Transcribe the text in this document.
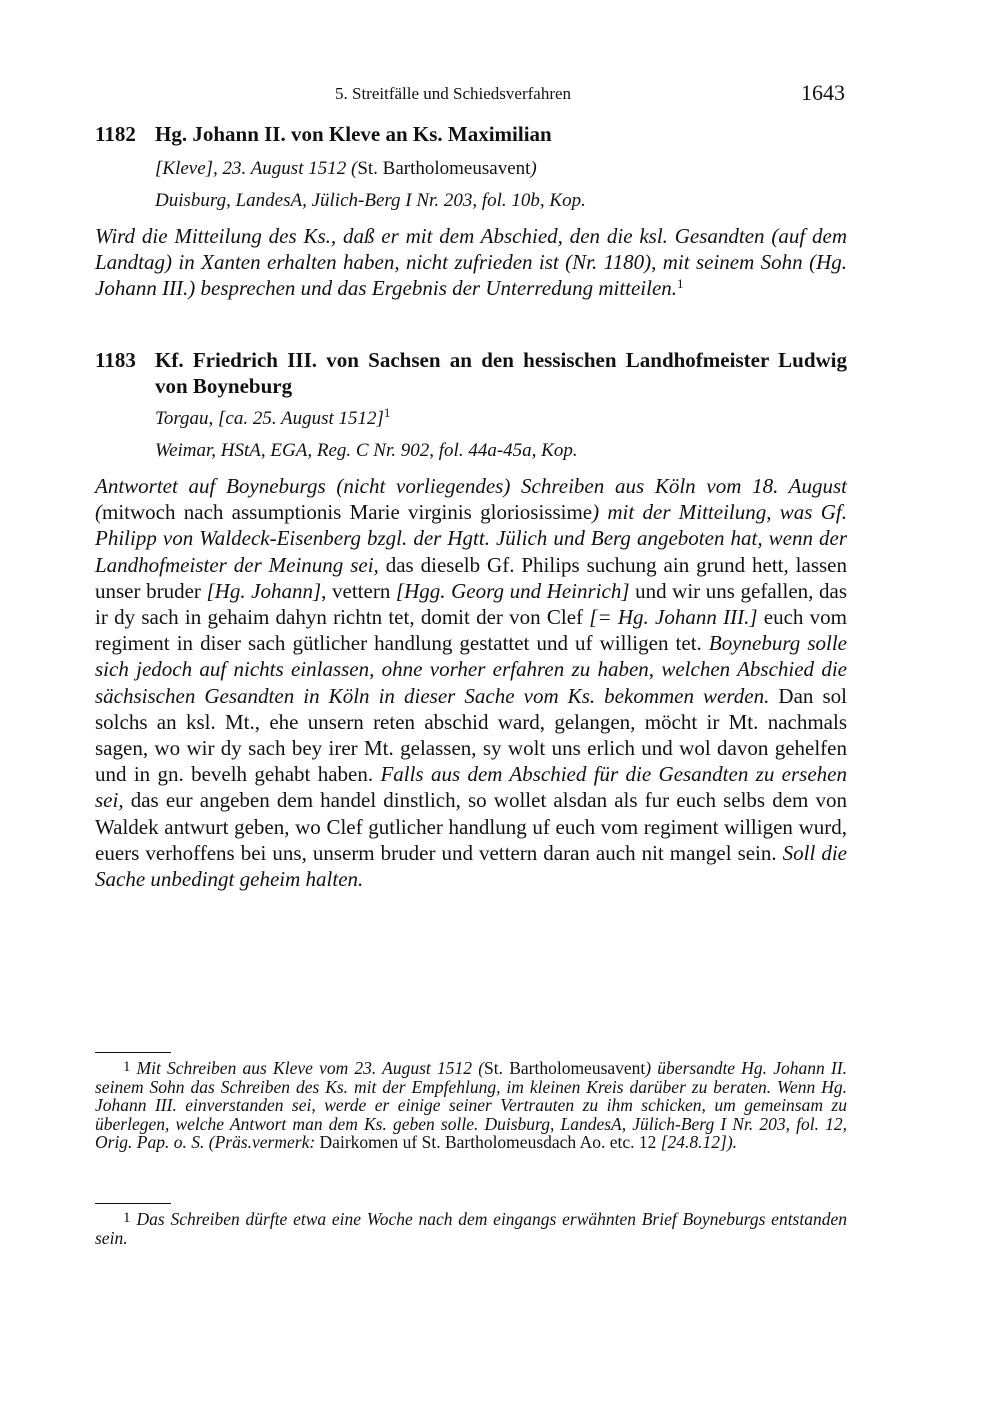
5. Streitfälle und Schiedsverfahren	1643
1182 Hg. Johann II. von Kleve an Ks. Maximilian
[Kleve], 23. August 1512 (St. Bartholomeusavent)
Duisburg, LandesA, Jülich-Berg I Nr. 203, fol. 10b, Kop.

Wird die Mitteilung des Ks., daß er mit dem Abschied, den die ksl. Gesandten (auf dem Landtag) in Xanten erhalten haben, nicht zufrieden ist (Nr. 1180), mit seinem Sohn (Hg. Johann III.) besprechen und das Ergebnis der Unterredung mitteilen.$^1$

1183 Kf. Friedrich III. von Sachsen an den hessischen Landhofmeister Ludwig von Boyneburg
Torgau, [ca. 25. August 1512]$^1$
Weimar, HStA, EGA, Reg. C Nr. 902, fol. 44a-45a, Kop.

Antwortet auf Boyneburgs (nicht vorliegendes) Schreiben aus Köln vom 18. August (mitwoch nach assumptionis Marie virginis gloriosissime) mit der Mitteilung, was Gf. Philipp von Waldeck-Eisenberg bzgl. der Hgtt. Jülich und Berg angeboten hat, wenn der Landhofmeister der Meinung sei, das dieselb Gf. Philips suchung ain grund hett, lassen unser bruder [Hg. Johann], vettern [Hgg. Georg und Heinrich] und wir uns gefallen, das ir dy sach in gehaim dahyn richtn tet, domit der von Clef [= Hg. Johann III.] euch vom regiment in diser sach gütlicher handlung gestattet und uf willigen tet. Boyneburg solle sich jedoch auf nichts einlassen, ohne vorher erfahren zu haben, welchen Abschied die sächsischen Gesandten in Köln in dieser Sache vom Ks. bekommen werden. Dan sol solchs an ksl. Mt., ehe unsern reten abschid ward, gelangen, möcht ir Mt. nachmals sagen, wo wir dy sach bey irer Mt. gelassen, sy wolt uns erlich und wol davon gehelfen und in gn. bevelh gehabt haben. Falls aus dem Abschied für die Gesandten zu ersehen sei, das eur angeben dem handel dinstlich, so wollet alsdan als fur euch selbs dem von Waldek antwurt geben, wo Clef gutlicher handlung uf euch vom regiment willigen wurd, euers verhoffens bei uns, unserm bruder und vettern daran auch nit mangel sein. Soll die Sache unbedingt geheim halten.

1 Mit Schreiben aus Kleve vom 23. August 1512 (St. Bartholomeusavent) übersandte Hg. Johann II. seinem Sohn das Schreiben des Ks. mit der Empfehlung, im kleinen Kreis darüber zu beraten. Wenn Hg. Johann III. einverstanden sei, werde er einige seiner Vertrauten zu ihm schicken, um gemeinsam zu überlegen, welche Antwort man dem Ks. geben solle. Duisburg, LandesA, Jülich-Berg I Nr. 203, fol. 12, Orig. Pap. o. S. (Präs.vermerk: Dairkomen uf St. Bartholomeusdach Ao. etc. 12 [24.8.12]).
1 Das Schreiben dürfte etwa eine Woche nach dem eingangs erwähnten Brief Boyneburgs entstanden sein.
